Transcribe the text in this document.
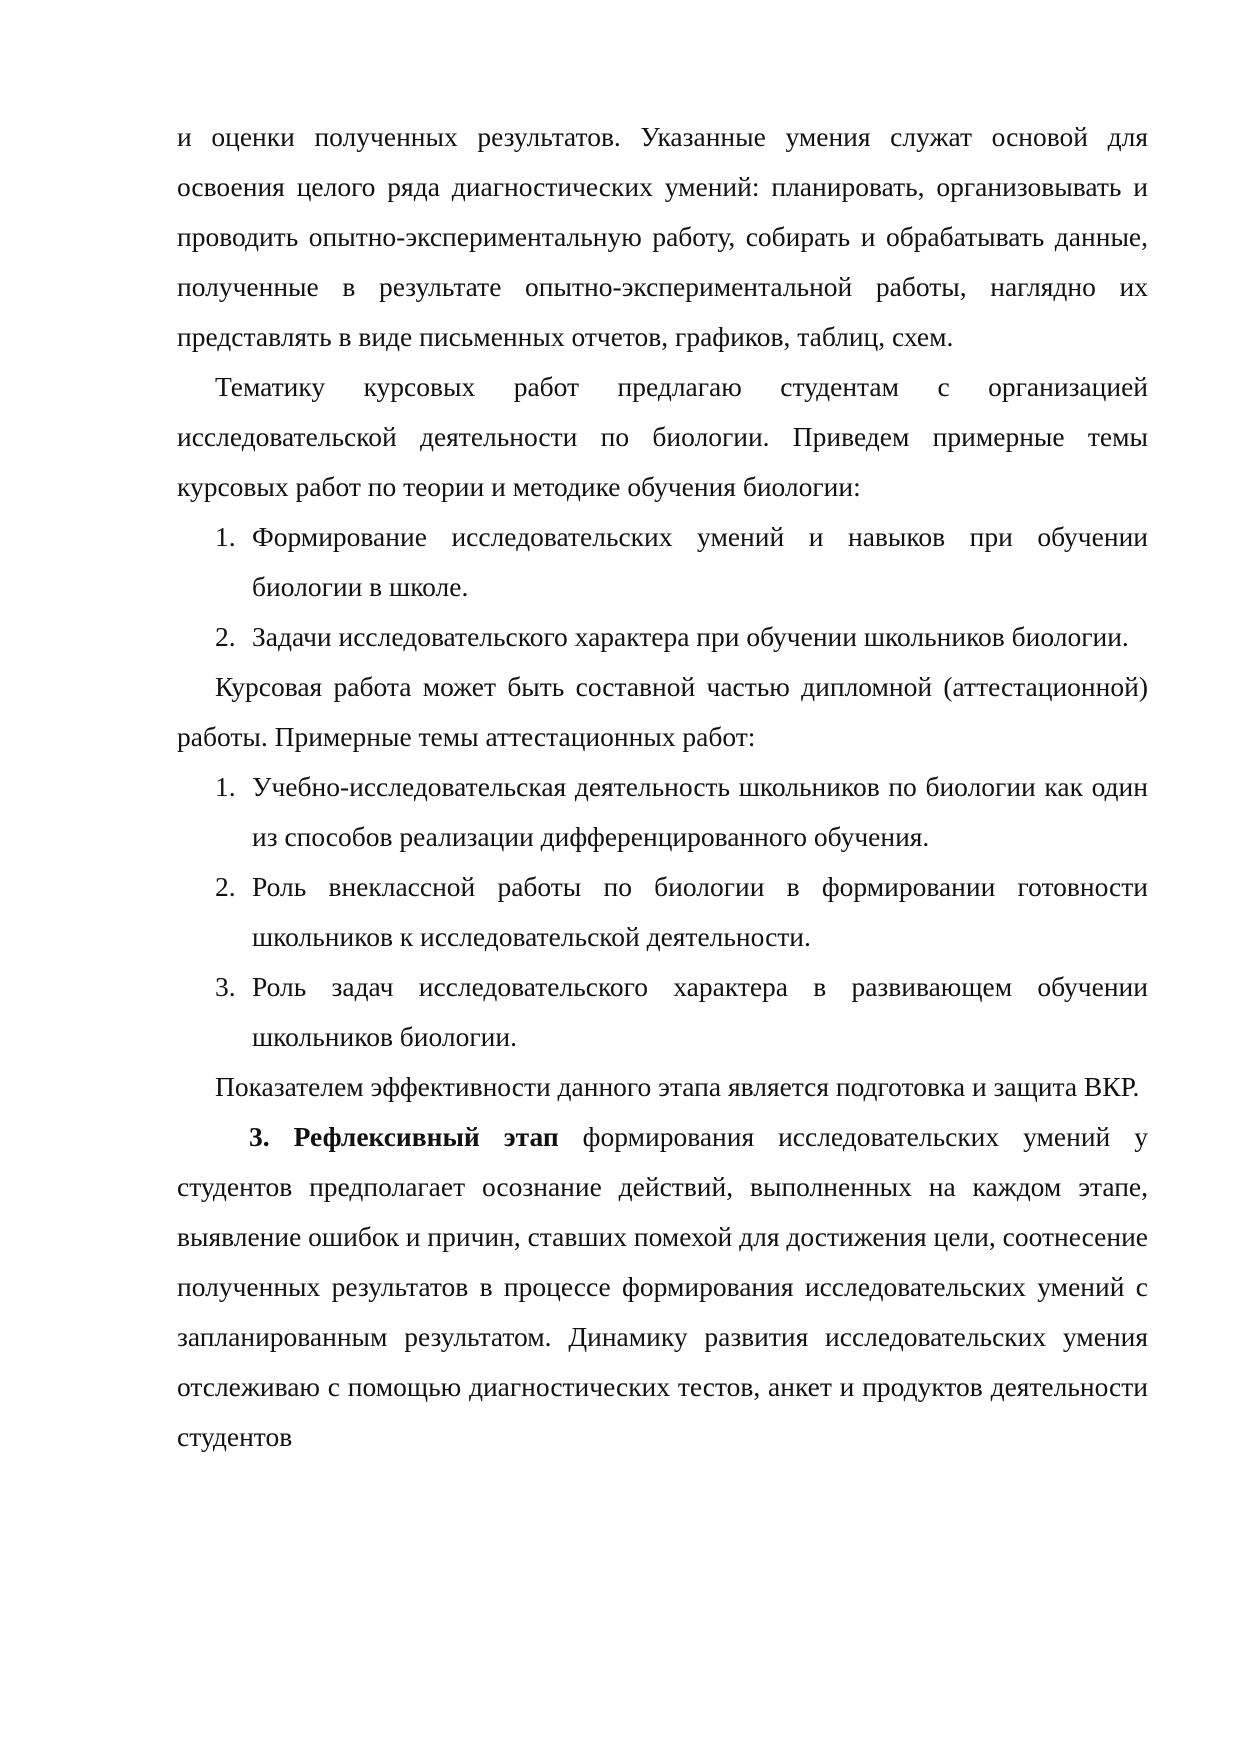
и оценки полученных результатов. Указанные умения служат основой для освоения целого ряда диагностических умений: планировать, организовывать и проводить опытно-экспериментальную работу, собирать и обрабатывать данные, полученные в результате опытно-экспериментальной работы, наглядно их представлять в виде письменных отчетов, графиков, таблиц, схем.

Тематику курсовых работ предлагаю студентам с организацией исследовательской деятельности по биологии. Приведем примерные темы курсовых работ по теории и методике обучения биологии:

1. Формирование исследовательских умений и навыков при обучении биологии в школе.
2. Задачи исследовательского характера при обучении школьников биологии.

Курсовая работа может быть составной частью дипломной (аттестационной) работы. Примерные темы аттестационных работ:

1. Учебно-исследовательская деятельность школьников по биологии как один из способов реализации дифференцированного обучения.
2. Роль внеклассной работы по биологии в формировании готовности школьников к исследовательской деятельности.
3. Роль задач исследовательского характера в развивающем обучении школьников биологии.

Показателем эффективности данного этапа является подготовка и защита ВКР.

3. Рефлексивный этап формирования исследовательских умений у студентов предполагает осознание действий, выполненных на каждом этапе, выявление ошибок и причин, ставших помехой для достижения цели, соотнесение полученных результатов в процессе формирования исследовательских умений с запланированным результатом. Динамику развития исследовательских умения отслеживаю с помощью диагностических тестов, анкет и продуктов деятельности студентов
